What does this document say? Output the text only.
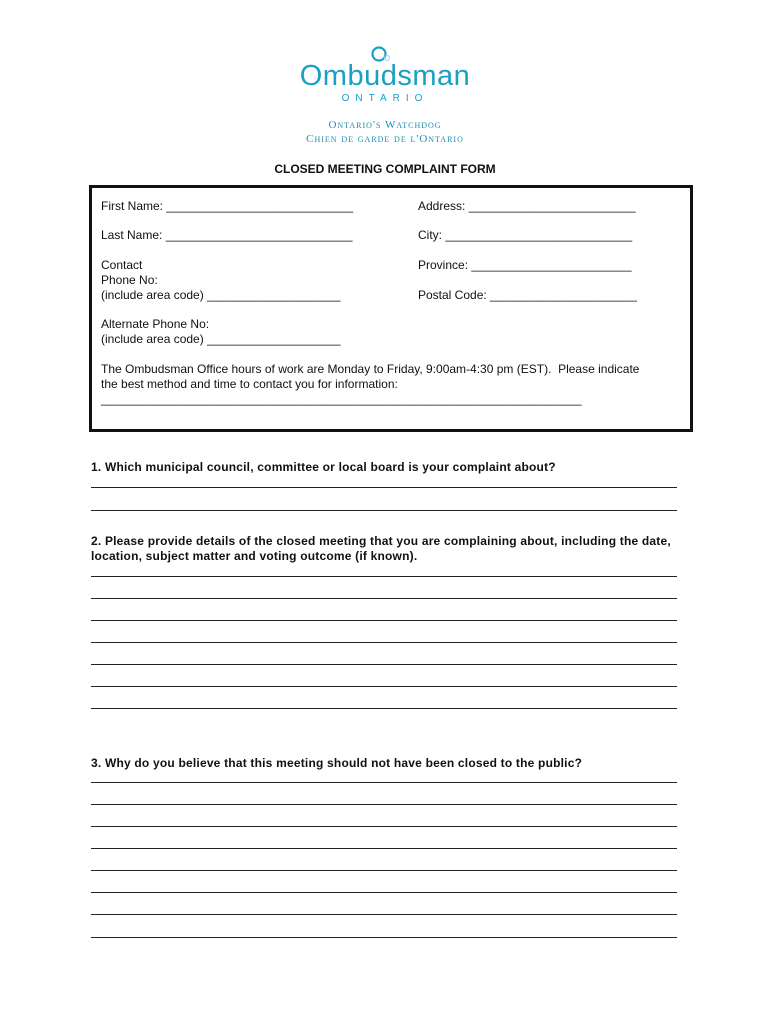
Ombudsman
ONTARIO
Ontario's Watchdog
Chien de garde de l'Ontario
CLOSED MEETING COMPLAINT FORM
First Name: ____________________________	Address: _________________________
Last Name: ____________________________	City: ____________________________
Contact
Phone No:
(include area code) ____________________
Province: ________________________
Postal Code: ______________________
Alternate Phone No:
(include area code) ____________________
The Ombudsman Office hours of work are Monday to Friday, 9:00am-4:30 pm (EST).  Please indicate
the best method and time to contact you for information:
________________________________________________________________________
1. Which municipal council, committee or local board is your complaint about?
2. Please provide details of the closed meeting that you are complaining about, including the date,
location, subject matter and voting outcome (if known).
3. Why do you believe that this meeting should not have been closed to the public?
